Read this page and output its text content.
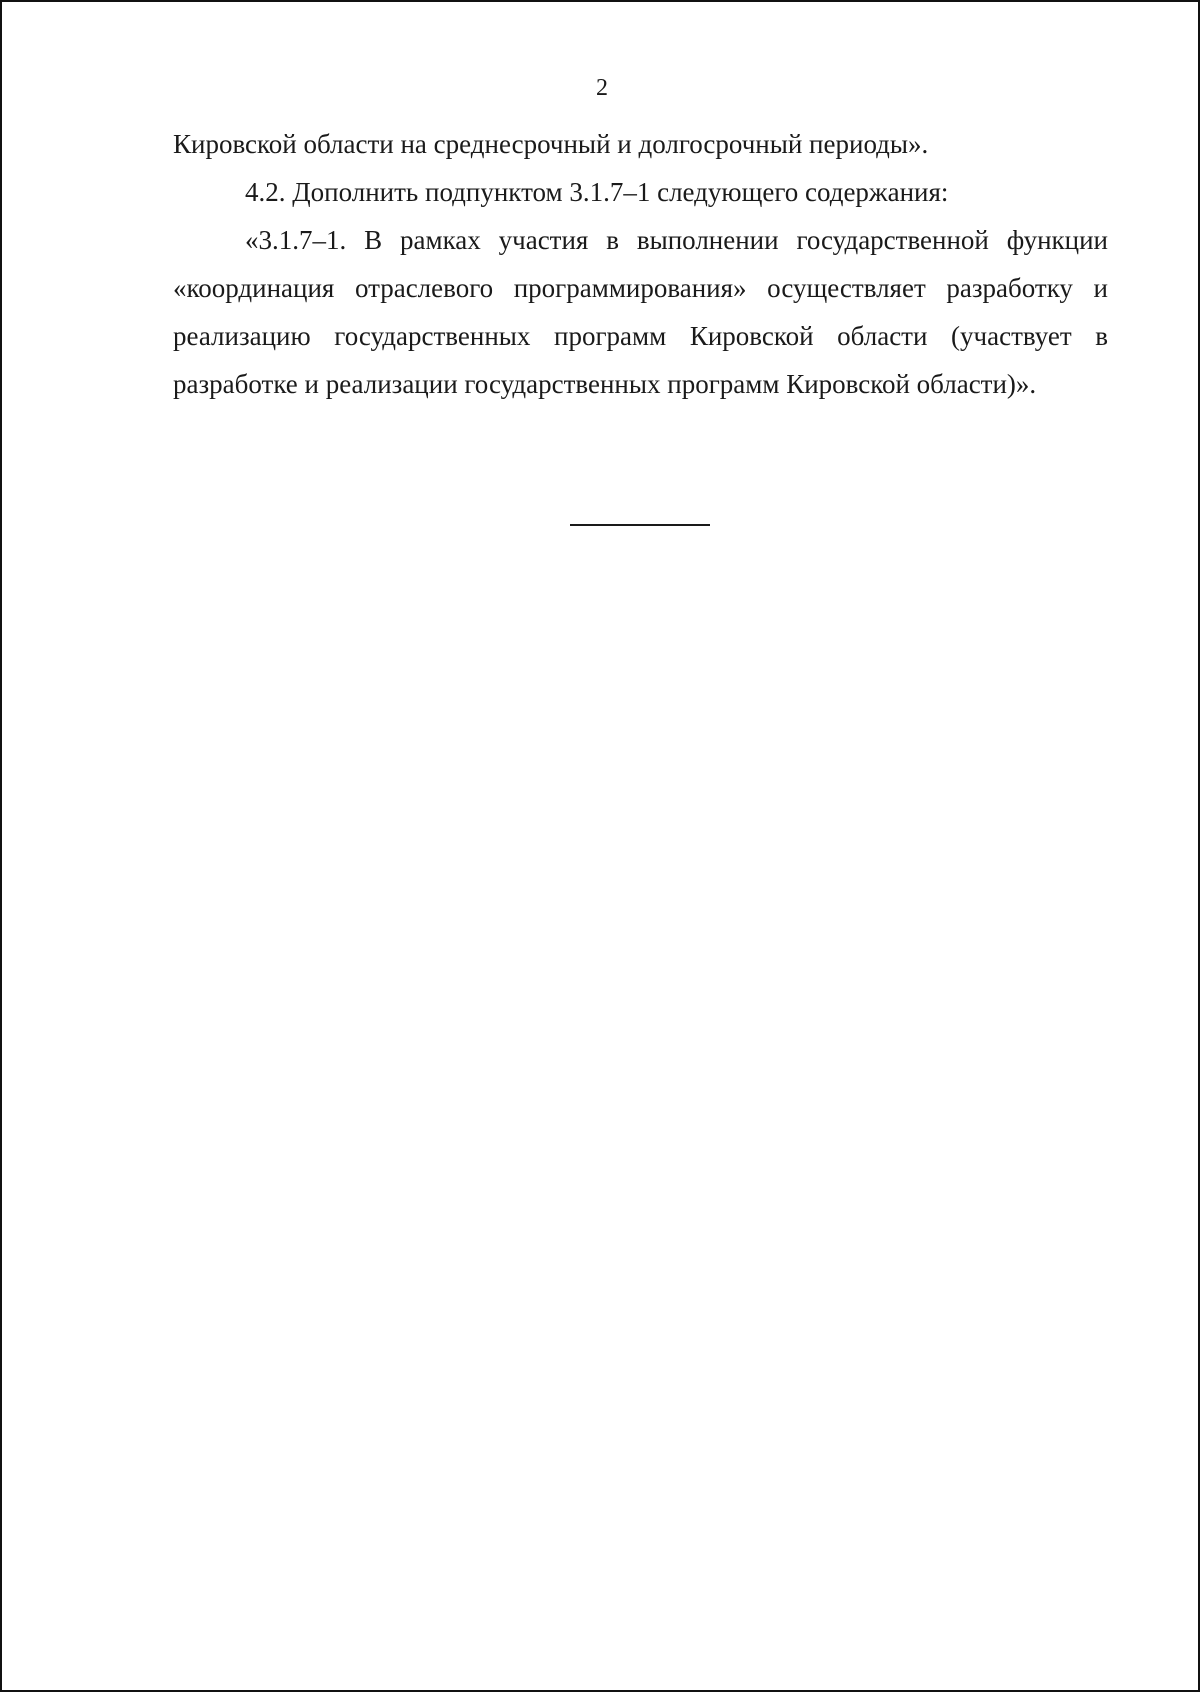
2

Кировской области на среднесрочный и долгосрочный периоды».

4.2. Дополнить подпунктом 3.1.7–1 следующего содержания:

«3.1.7–1. В рамках участия в выполнении государственной функции «координация отраслевого программирования» осуществляет разработку и реализацию государственных программ Кировской области (участвует в разработке и реализации государственных программ Кировской области)».
